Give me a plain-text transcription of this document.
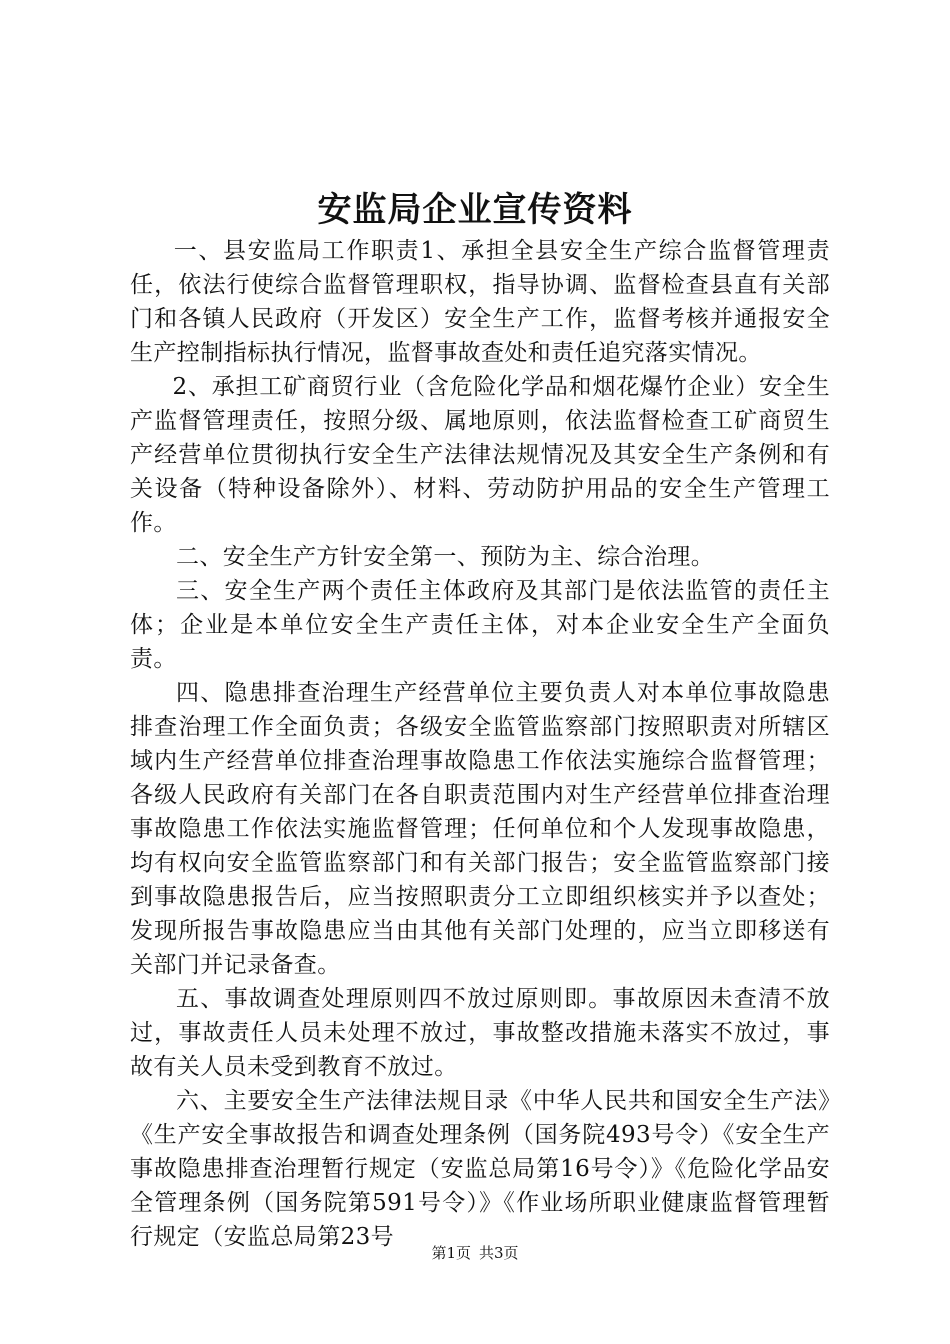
安监局企业宣传资料

一、县安监局工作职责1、承担全县安全生产综合监督管理责任，依法行使综合监督管理职权，指导协调、监督检查县直有关部门和各镇人民政府（开发区）安全生产工作，监督考核并通报安全生产控制指标执行情况，监督事故查处和责任追究落实情况。

2、承担工矿商贸行业（含危险化学品和烟花爆竹企业）安全生产监督管理责任，按照分级、属地原则，依法监督检查工矿商贸生产经营单位贯彻执行安全生产法律法规情况及其安全生产条例和有关设备（特种设备除外）、材料、劳动防护用品的安全生产管理工作。

二、安全生产方针安全第一、预防为主、综合治理。

三、安全生产两个责任主体政府及其部门是依法监管的责任主体；企业是本单位安全生产责任主体，对本企业安全生产全面负责。

四、隐患排查治理生产经营单位主要负责人对本单位事故隐患排查治理工作全面负责；各级安全监管监察部门按照职责对所辖区域内生产经营单位排查治理事故隐患工作依法实施综合监督管理；各级人民政府有关部门在各自职责范围内对生产经营单位排查治理事故隐患工作依法实施监督管理；任何单位和个人发现事故隐患，均有权向安全监管监察部门和有关部门报告；安全监管监察部门接到事故隐患报告后，应当按照职责分工立即组织核实并予以查处；发现所报告事故隐患应当由其他有关部门处理的，应当立即移送有关部门并记录备查。

五、事故调查处理原则四不放过原则即。事故原因未查清不放过，事故责任人员未处理不放过，事故整改措施未落实不放过，事故有关人员未受到教育不放过。

六、主要安全生产法律法规目录《中华人民共和国安全生产法》《生产安全事故报告和调查处理条例（国务院493号令）《安全生产事故隐患排查治理暂行规定（安监总局第16号令）》《危险化学品安全管理条例（国务院第591号令）》《作业场所职业健康监督管理暂行规定（安监总局第23号

第1页 共3页
